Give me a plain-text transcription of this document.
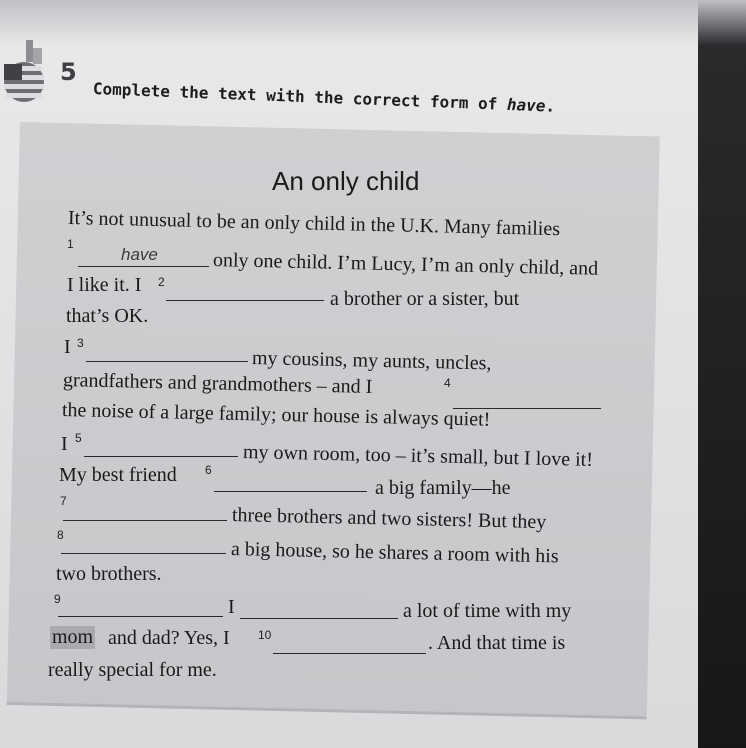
5
Complete the text with the correct form of have.
An only child
It’s not unusual to be an only child in the U.K. Many families
1
have	only one child. I’m Lucy, I’m an only child, and
I like it. I 2
a brother or a sister, but
that’s OK.
I 3
my cousins, my aunts, uncles,
grandfathers and grandmothers – and I	4
the noise of a large family; our house is always quiet!
I 5
my own room, too – it’s small, but I love it!
My best friend 6
a big family—he
7
three brothers and two sisters! But they
8
a big house, so he shares a room with his
two brothers.
9	I	a lot of time with my
mom and dad? Yes, I 10	. And that time is
really special for me.
